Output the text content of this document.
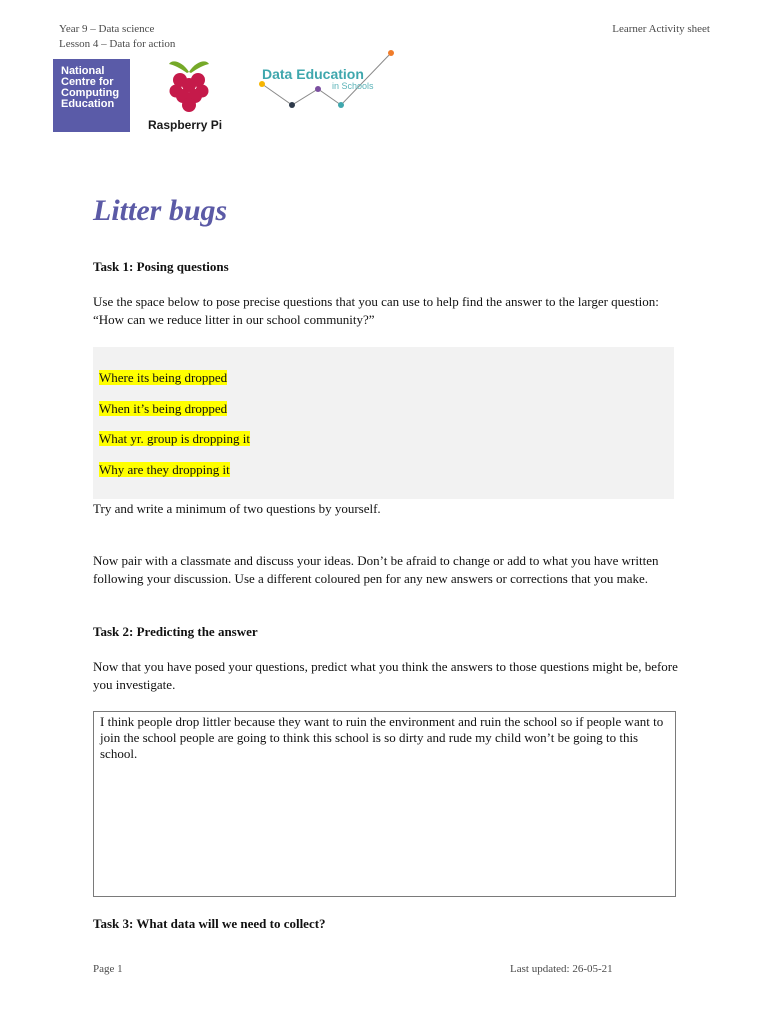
Year 9 – Data science
Lesson 4 – Data for action
Learner Activity sheet
National
Centre for
Computing
Education
Raspberry Pi
Data Education
in Schools
Litter bugs
Task 1: Posing questions

Use the space below to pose precise questions that you can use to help find the answer to the larger question: “How can we reduce litter in our school community?”

Where its being dropped
When it’s being dropped
What yr. group is dropping it
Why are they dropping it

Try and write a minimum of two questions by yourself.

Now pair with a classmate and discuss your ideas. Don’t be afraid to change or add to what you have written following your discussion. Use a different coloured pen for any new answers or corrections that you make.

Task 2: Predicting the answer

Now that you have posed your questions, predict what you think the answers to those questions might be, before you investigate.

I think people drop littler because they want to ruin the environment and ruin the school so if people want to join the school people are going to think this school is so dirty and rude my child won’t be going to this school.
Task 3: What data will we need to collect?
Page 1	Last updated: 26-05-21
